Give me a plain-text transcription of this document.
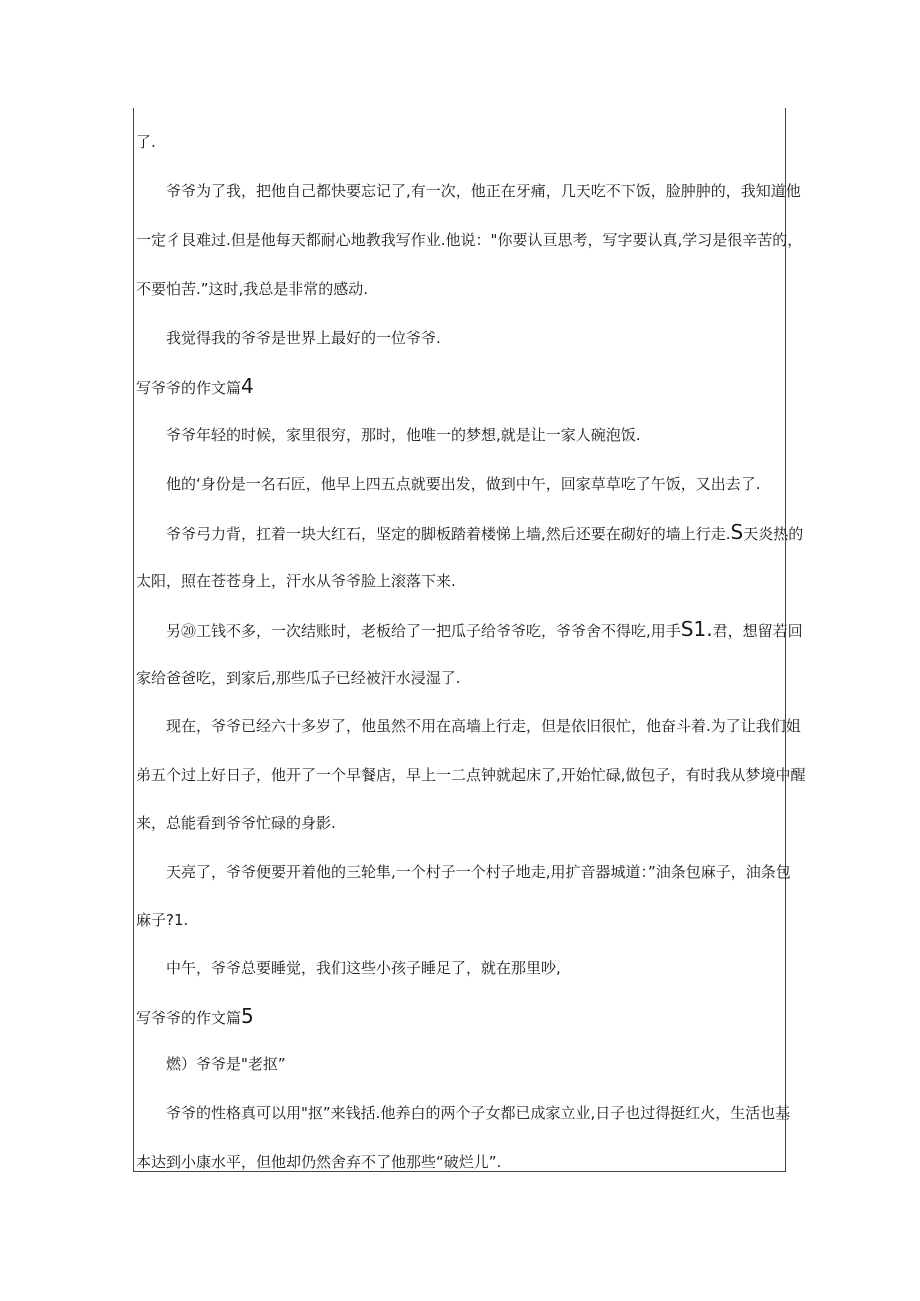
了.
爷爷为了我，把他自己都快要忘记了,有一次，他正在牙痛，几天吃不下饭，脸肿肿的，我知道他
一定彳艮难过.但是他每天都耐心地教我写作业.他说："你要认亘思考，写字要认真,学习是很辛苦的，
不要怕苦.”这时,我总是非常的感动.
我觉得我的爷爷是世界上最好的一位爷爷.
写爷爷的作文篇4
爷爷年轻的时候，家里很穷，那时，他唯一的梦想,就是让一家人碗泡饭.
他的‘身份是一名石匠，他早上四五点就要出发，做到中午，回家草草吃了午饭，又出去了.
爷爷弓力背，扛着一块大红石，坚定的脚板踏着楼悌上墙,然后还要在砌好的墙上行走.S天炎热的
太阳，照在苍苍身上，汗水从爷爷脸上滚落下来.
另⑳工钱不多，一次结账时，老板给了一把瓜子给爷爷吃，爷爷舍不得吃,用手S1.君，想留若回
家给爸爸吃，到家后,那些瓜子已经被汗水浸湿了.
现在，爷爷已经六十多岁了，他虽然不用在高墙上行走，但是依旧很忙，他奋斗着.为了让我们姐
弟五个过上好日子，他开了一个早餐店，早上一二点钟就起床了,开始忙碌,做包子，有时我从梦境中醒
来，总能看到爷爷忙碌的身影.
天亮了，爷爷便要开着他的三轮隼,一个村子一个村子地走,用扩音器城道：”油条包麻子，油条包
麻子?1.
中午，爷爷总要睡觉，我们这些小孩子睡足了，就在那里吵,
写爷爷的作文篇5
燃）爷爷是"老抠”
爷爷的性格真可以用"抠”来钱括.他养白的两个子女都已成家立业,日子也过得挺红火，生活也基
本达到小康水平，但他却仍然舍弃不了他那些“破烂儿”.
